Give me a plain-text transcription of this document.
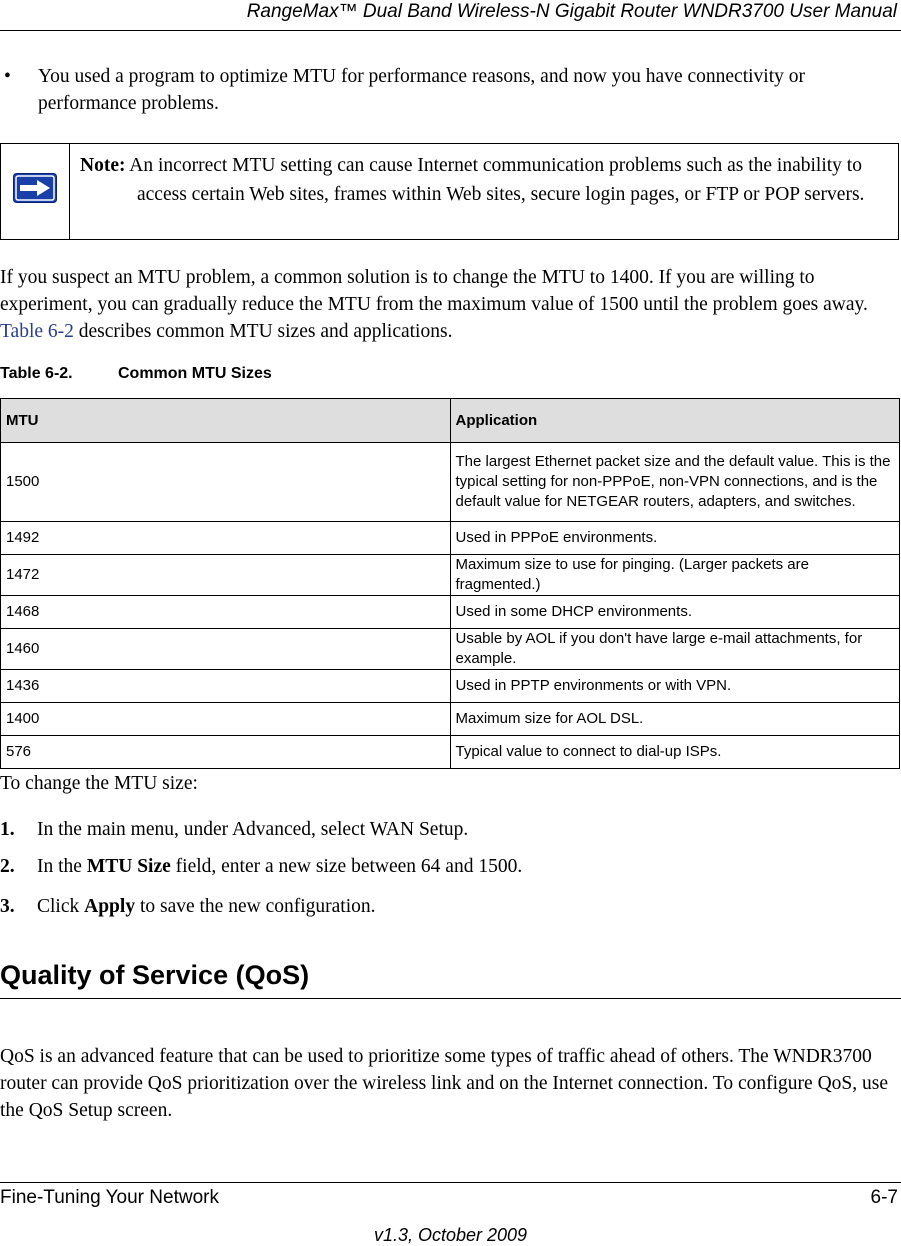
RangeMax™ Dual Band Wireless-N Gigabit Router WNDR3700 User Manual
• You used a program to optimize MTU for performance reasons, and now you have connectivity or performance problems.
Note: An incorrect MTU setting can cause Internet communication problems such as the inability to access certain Web sites, frames within Web sites, secure login pages, or FTP or POP servers.
If you suspect an MTU problem, a common solution is to change the MTU to 1400. If you are willing to experiment, you can gradually reduce the MTU from the maximum value of 1500 until the problem goes away. Table 6-2 describes common MTU sizes and applications.
Table 6-2.	Common MTU Sizes
MTU	Application
1500	The largest Ethernet packet size and the default value. This is the typical setting for non-PPPoE, non-VPN connections, and is the default value for NETGEAR routers, adapters, and switches.
1492	Used in PPPoE environments.
1472	Maximum size to use for pinging. (Larger packets are fragmented.)
1468	Used in some DHCP environments.
1460	Usable by AOL if you don't have large e-mail attachments, for example.
1436	Used in PPTP environments or with VPN.
1400	Maximum size for AOL DSL.
576	Typical value to connect to dial-up ISPs.
To change the MTU size:
1. In the main menu, under Advanced, select WAN Setup.
2. In the MTU Size field, enter a new size between 64 and 1500.
3. Click Apply to save the new configuration.
Quality of Service (QoS)
QoS is an advanced feature that can be used to prioritize some types of traffic ahead of others. The WNDR3700 router can provide QoS prioritization over the wireless link and on the Internet connection. To configure QoS, use the QoS Setup screen.
Fine-Tuning Your Network	6-7
v1.3, October 2009
